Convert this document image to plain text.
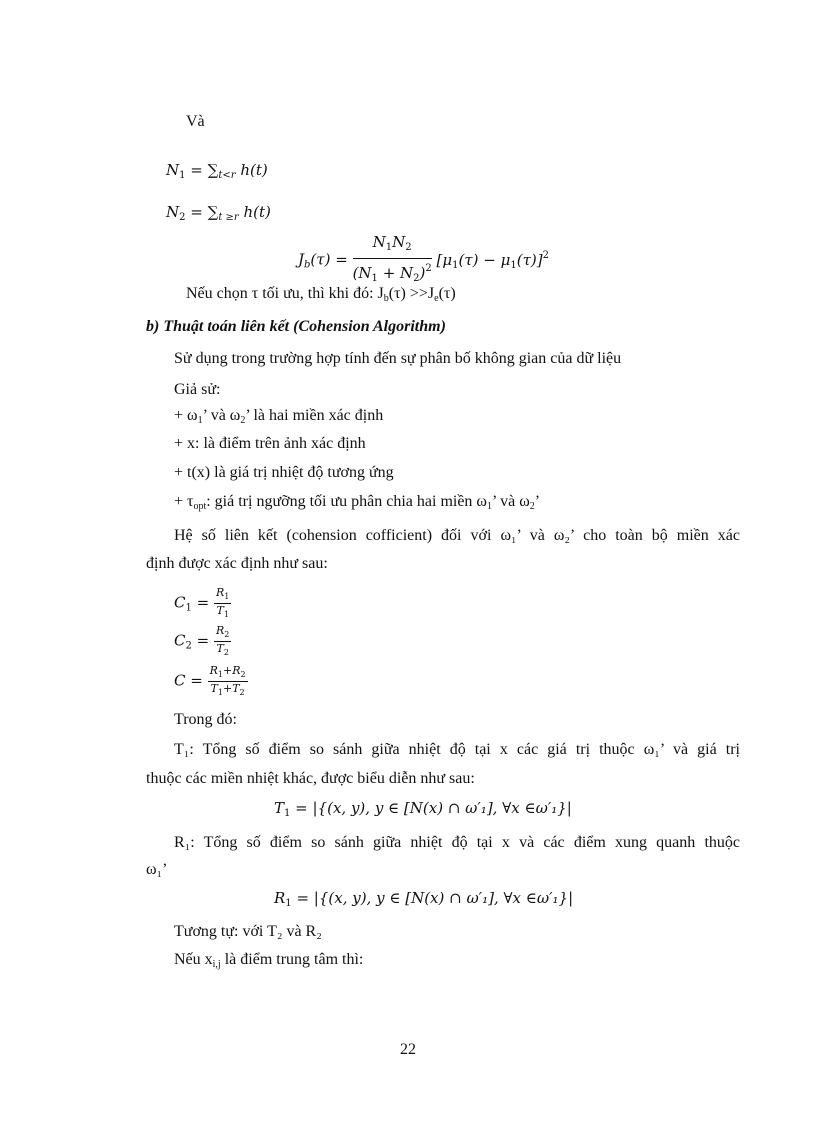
Và
$N_1 = \sum_{t<r}$ h(t)
$N_2 = \sum_{t \ge r}$ h(t)
$J_b(\tau) = \frac{N_1N_2}{(N_1 + N_2)^2} [\mu_1(\tau) - \mu_1(\tau)]^2$
Nếu chọn τ tối ưu, thì khi đó: $J_b(\tau) >>J_e(\tau)$
b) Thuật toán liên kết (Cohension Algorithm)
Sử dụng trong trường hợp tính đến sự phân bố không gian của dữ liệu
Giả sử:
+ $\omega_1$’ và $\omega_2$’ là hai miền xác định
+ x: là điểm trên ảnh xác định
+ t(x) là giá trị nhiệt độ tương ứng
+ $\tau_{opt}$: giá trị ngưỡng tối ưu phân chia hai miền $\omega_1$’ và $\omega_2$’
Hệ số liên kết (cohension cofficient) đối với ω₁’ và ω₂’ cho toàn bộ miền xác
định được xác định như sau:
$C_1 = \frac{R_1}{T_1}$
$C_2 = \frac{R_2}{T_2}$
$C = \frac{R_1+R_2}{T_1+T_2}$
Trong đó:
T₁: Tổng số điểm so sánh giữa nhiệt độ tại x các giá trị thuộc ω₁’ và giá trị
thuộc các miền nhiệt khác, được biểu diễn như sau:
$T_1 = |\{(x$, y), y ∈ [N(x) ∩ ω′₁], ∀x ∈ω′₁}|
R₁: Tổng số điểm so sánh giữa nhiệt độ tại x và các điểm xung quanh thuộc
ω₁’
$R_1 = |\{(x$, y), y ∈ [N(x) ∩ ω′₁], ∀x ∈ω′₁}|
Tương tự: với T₂ và R₂
Nếu $x_{i,j}$ là điểm trung tâm thì:
22
